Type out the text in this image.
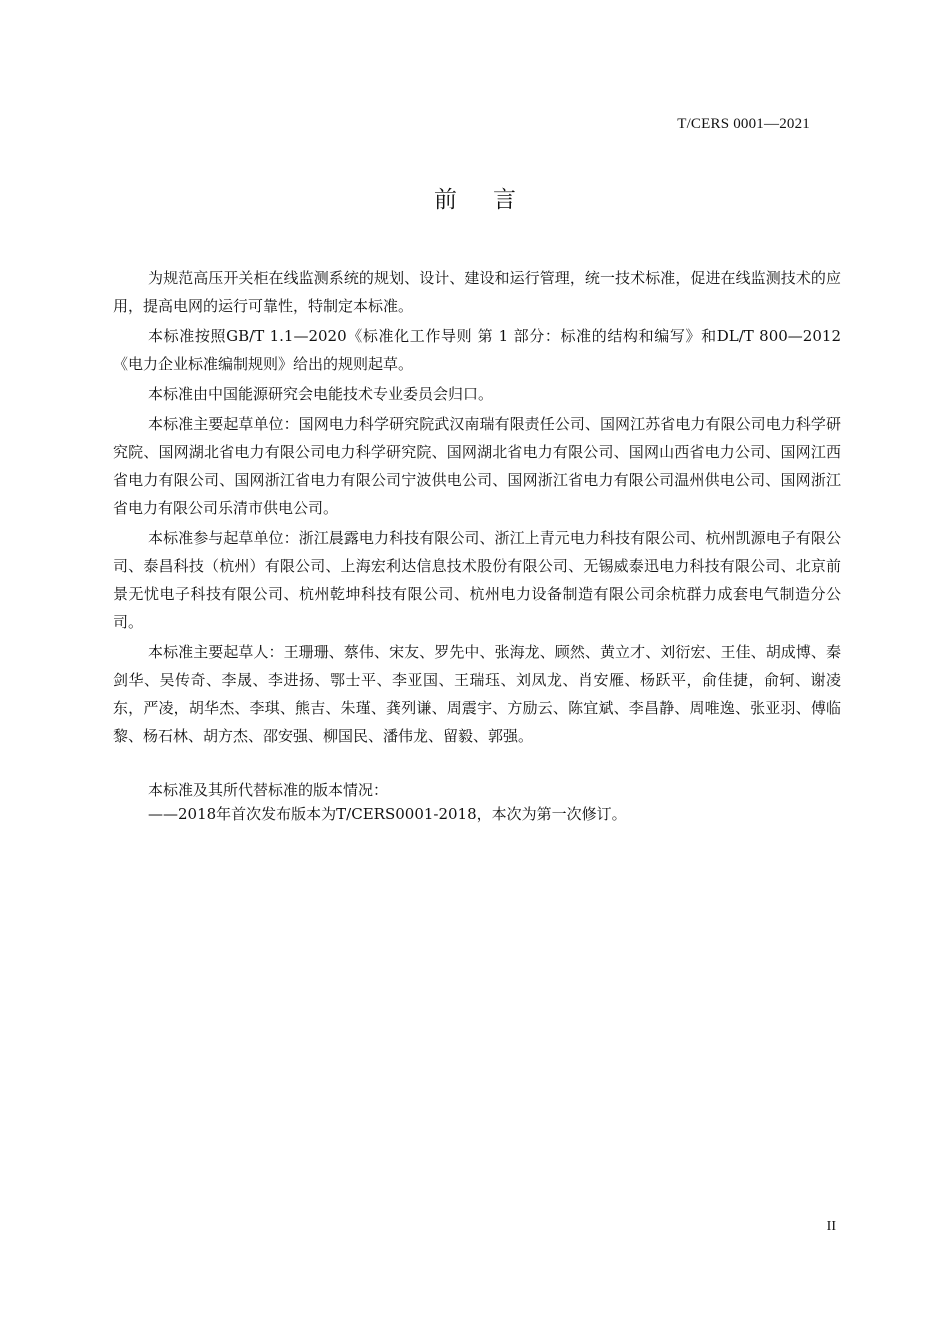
T/CERS 0001—2021
前言

为规范高压开关柜在线监测系统的规划、设计、建设和运行管理，统一技术标准，促进在线监测技术的应用，提高电网的运行可靠性，特制定本标准。

本标准按照GB/T 1.1—2020《标准化工作导则 第 1 部分：标准的结构和编写》和DL/T 800—2012《电力企业标准编制规则》给出的规则起草。

本标准由中国能源研究会电能技术专业委员会归口。

本标准主要起草单位：国网电力科学研究院武汉南瑞有限责任公司、国网江苏省电力有限公司电力科学研究院、国网湖北省电力有限公司电力科学研究院、国网湖北省电力有限公司、国网山西省电力公司、国网江西省电力有限公司、国网浙江省电力有限公司宁波供电公司、国网浙江省电力有限公司温州供电公司、国网浙江省电力有限公司乐清市供电公司。

本标准参与起草单位：浙江晨露电力科技有限公司、浙江上青元电力科技有限公司、杭州凯源电子有限公司、泰昌科技（杭州）有限公司、上海宏利达信息技术股份有限公司、无锡威泰迅电力科技有限公司、北京前景无忧电子科技有限公司、杭州乾坤科技有限公司、杭州电力设备制造有限公司余杭群力成套电气制造分公司。

本标准主要起草人：王珊珊、蔡伟、宋友、罗先中、张海龙、顾然、黄立才、刘衍宏、王佳、胡成博、秦剑华、吴传奇、李晟、李进扬、鄂士平、李亚国、王瑞珏、刘凤龙、肖安雁、杨跃平，俞佳捷，俞轲、谢凌东，严凌，胡华杰、李琪、熊吉、朱瑾、龚列谦、周震宇、方励云、陈宜斌、李昌静、周唯逸、张亚羽、傅临黎、杨石林、胡方杰、邵安强、柳国民、潘伟龙、留毅、郭强。

本标准及其所代替标准的版本情况：
——2018年首次发布版本为T/CERS0001-2018，本次为第一次修订。
II
